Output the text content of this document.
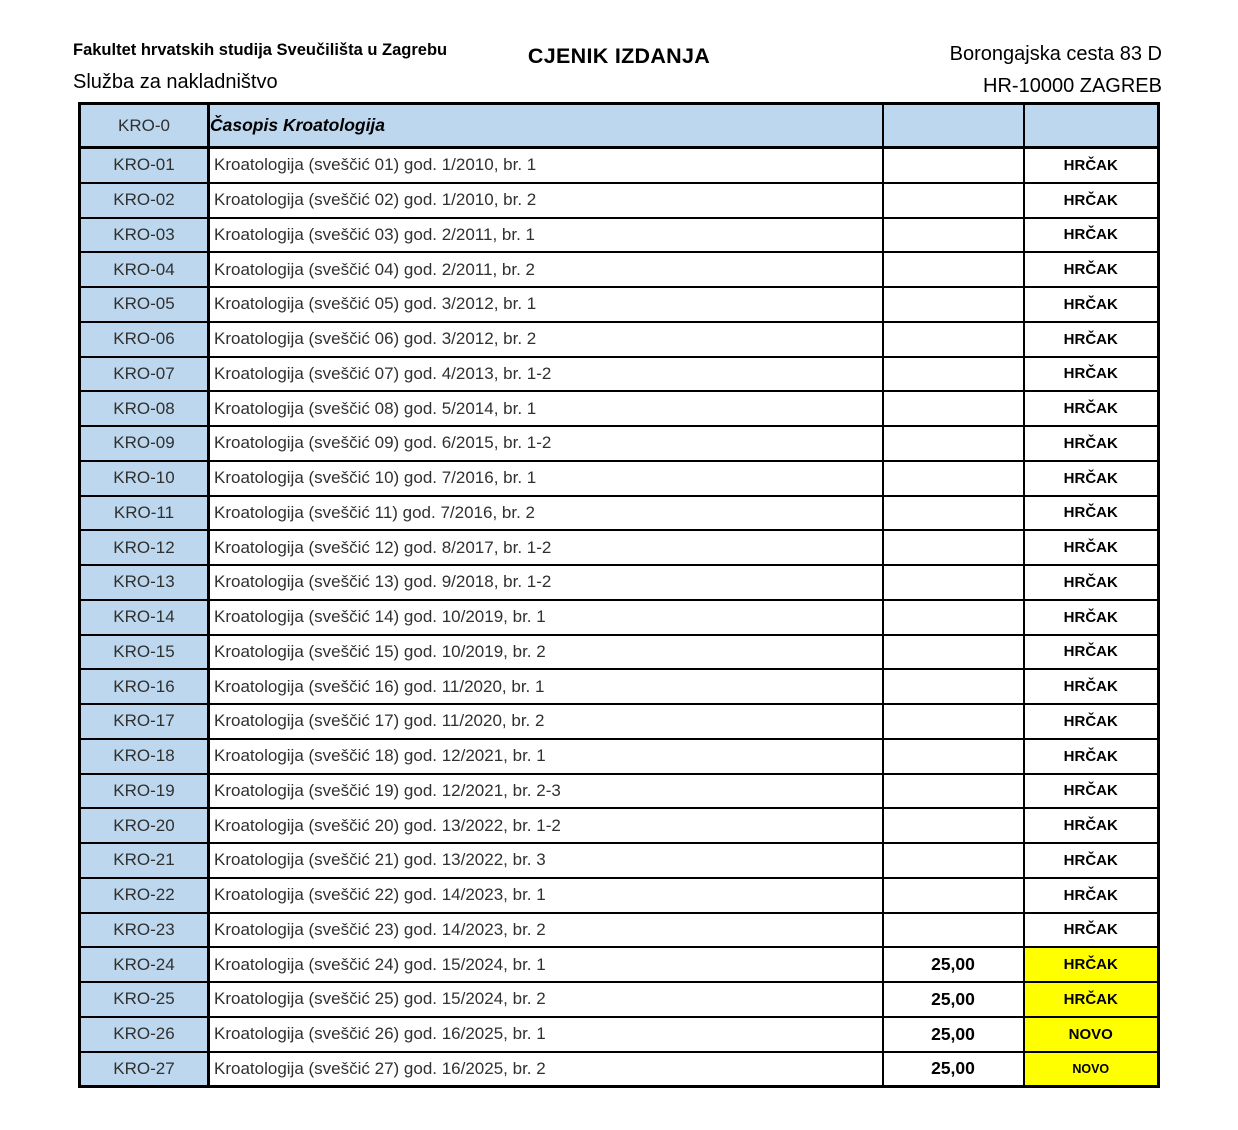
Fakultet hrvatskih studija Sveučilišta u Zagrebu
Služba za nakladništvo
CJENIK IZDANJA	Borongajska cesta 83 D
HR-10000 ZAGREB
KRO-0	Časopis Kroatologija		
KRO-01	Kroatologija (sveščić 01) god. 1/2010, br. 1		HRČAK
KRO-02	Kroatologija (sveščić 02) god. 1/2010, br. 2		HRČAK
KRO-03	Kroatologija (sveščić 03) god. 2/2011, br. 1		HRČAK
KRO-04	Kroatologija (sveščić 04) god. 2/2011, br. 2		HRČAK
KRO-05	Kroatologija (sveščić 05) god. 3/2012, br. 1		HRČAK
KRO-06	Kroatologija (sveščić 06) god. 3/2012, br. 2		HRČAK
KRO-07	Kroatologija (sveščić 07) god. 4/2013, br. 1-2		HRČAK
KRO-08	Kroatologija (sveščić 08) god. 5/2014, br. 1		HRČAK
KRO-09	Kroatologija (sveščić 09) god. 6/2015, br. 1-2		HRČAK
KRO-10	Kroatologija (sveščić 10) god. 7/2016, br. 1		HRČAK
KRO-11	Kroatologija (sveščić 11) god. 7/2016, br. 2		HRČAK
KRO-12	Kroatologija (sveščić 12) god. 8/2017, br. 1-2		HRČAK
KRO-13	Kroatologija (sveščić 13) god. 9/2018, br. 1-2		HRČAK
KRO-14	Kroatologija (sveščić 14) god. 10/2019, br. 1		HRČAK
KRO-15	Kroatologija (sveščić 15) god. 10/2019, br. 2		HRČAK
KRO-16	Kroatologija (sveščić 16) god. 11/2020, br. 1		HRČAK
KRO-17	Kroatologija (sveščić 17) god. 11/2020, br. 2		HRČAK
KRO-18	Kroatologija (sveščić 18) god. 12/2021, br. 1		HRČAK
KRO-19	Kroatologija (sveščić 19) god. 12/2021, br. 2-3		HRČAK
KRO-20	Kroatologija (sveščić 20) god. 13/2022, br. 1-2		HRČAK
KRO-21	Kroatologija (sveščić 21) god. 13/2022, br. 3		HRČAK
KRO-22	Kroatologija (sveščić 22) god. 14/2023, br. 1		HRČAK
KRO-23	Kroatologija (sveščić 23) god. 14/2023, br. 2		HRČAK
KRO-24	Kroatologija (sveščić 24) god. 15/2024, br. 1	25,00	HRČAK
KRO-25	Kroatologija (sveščić 25) god. 15/2024, br. 2	25,00	HRČAK
KRO-26	Kroatologija (sveščić 26) god. 16/2025, br. 1	25,00	NOVO
KRO-27	Kroatologija (sveščić 27) god. 16/2025, br. 2	25,00	NOVO
